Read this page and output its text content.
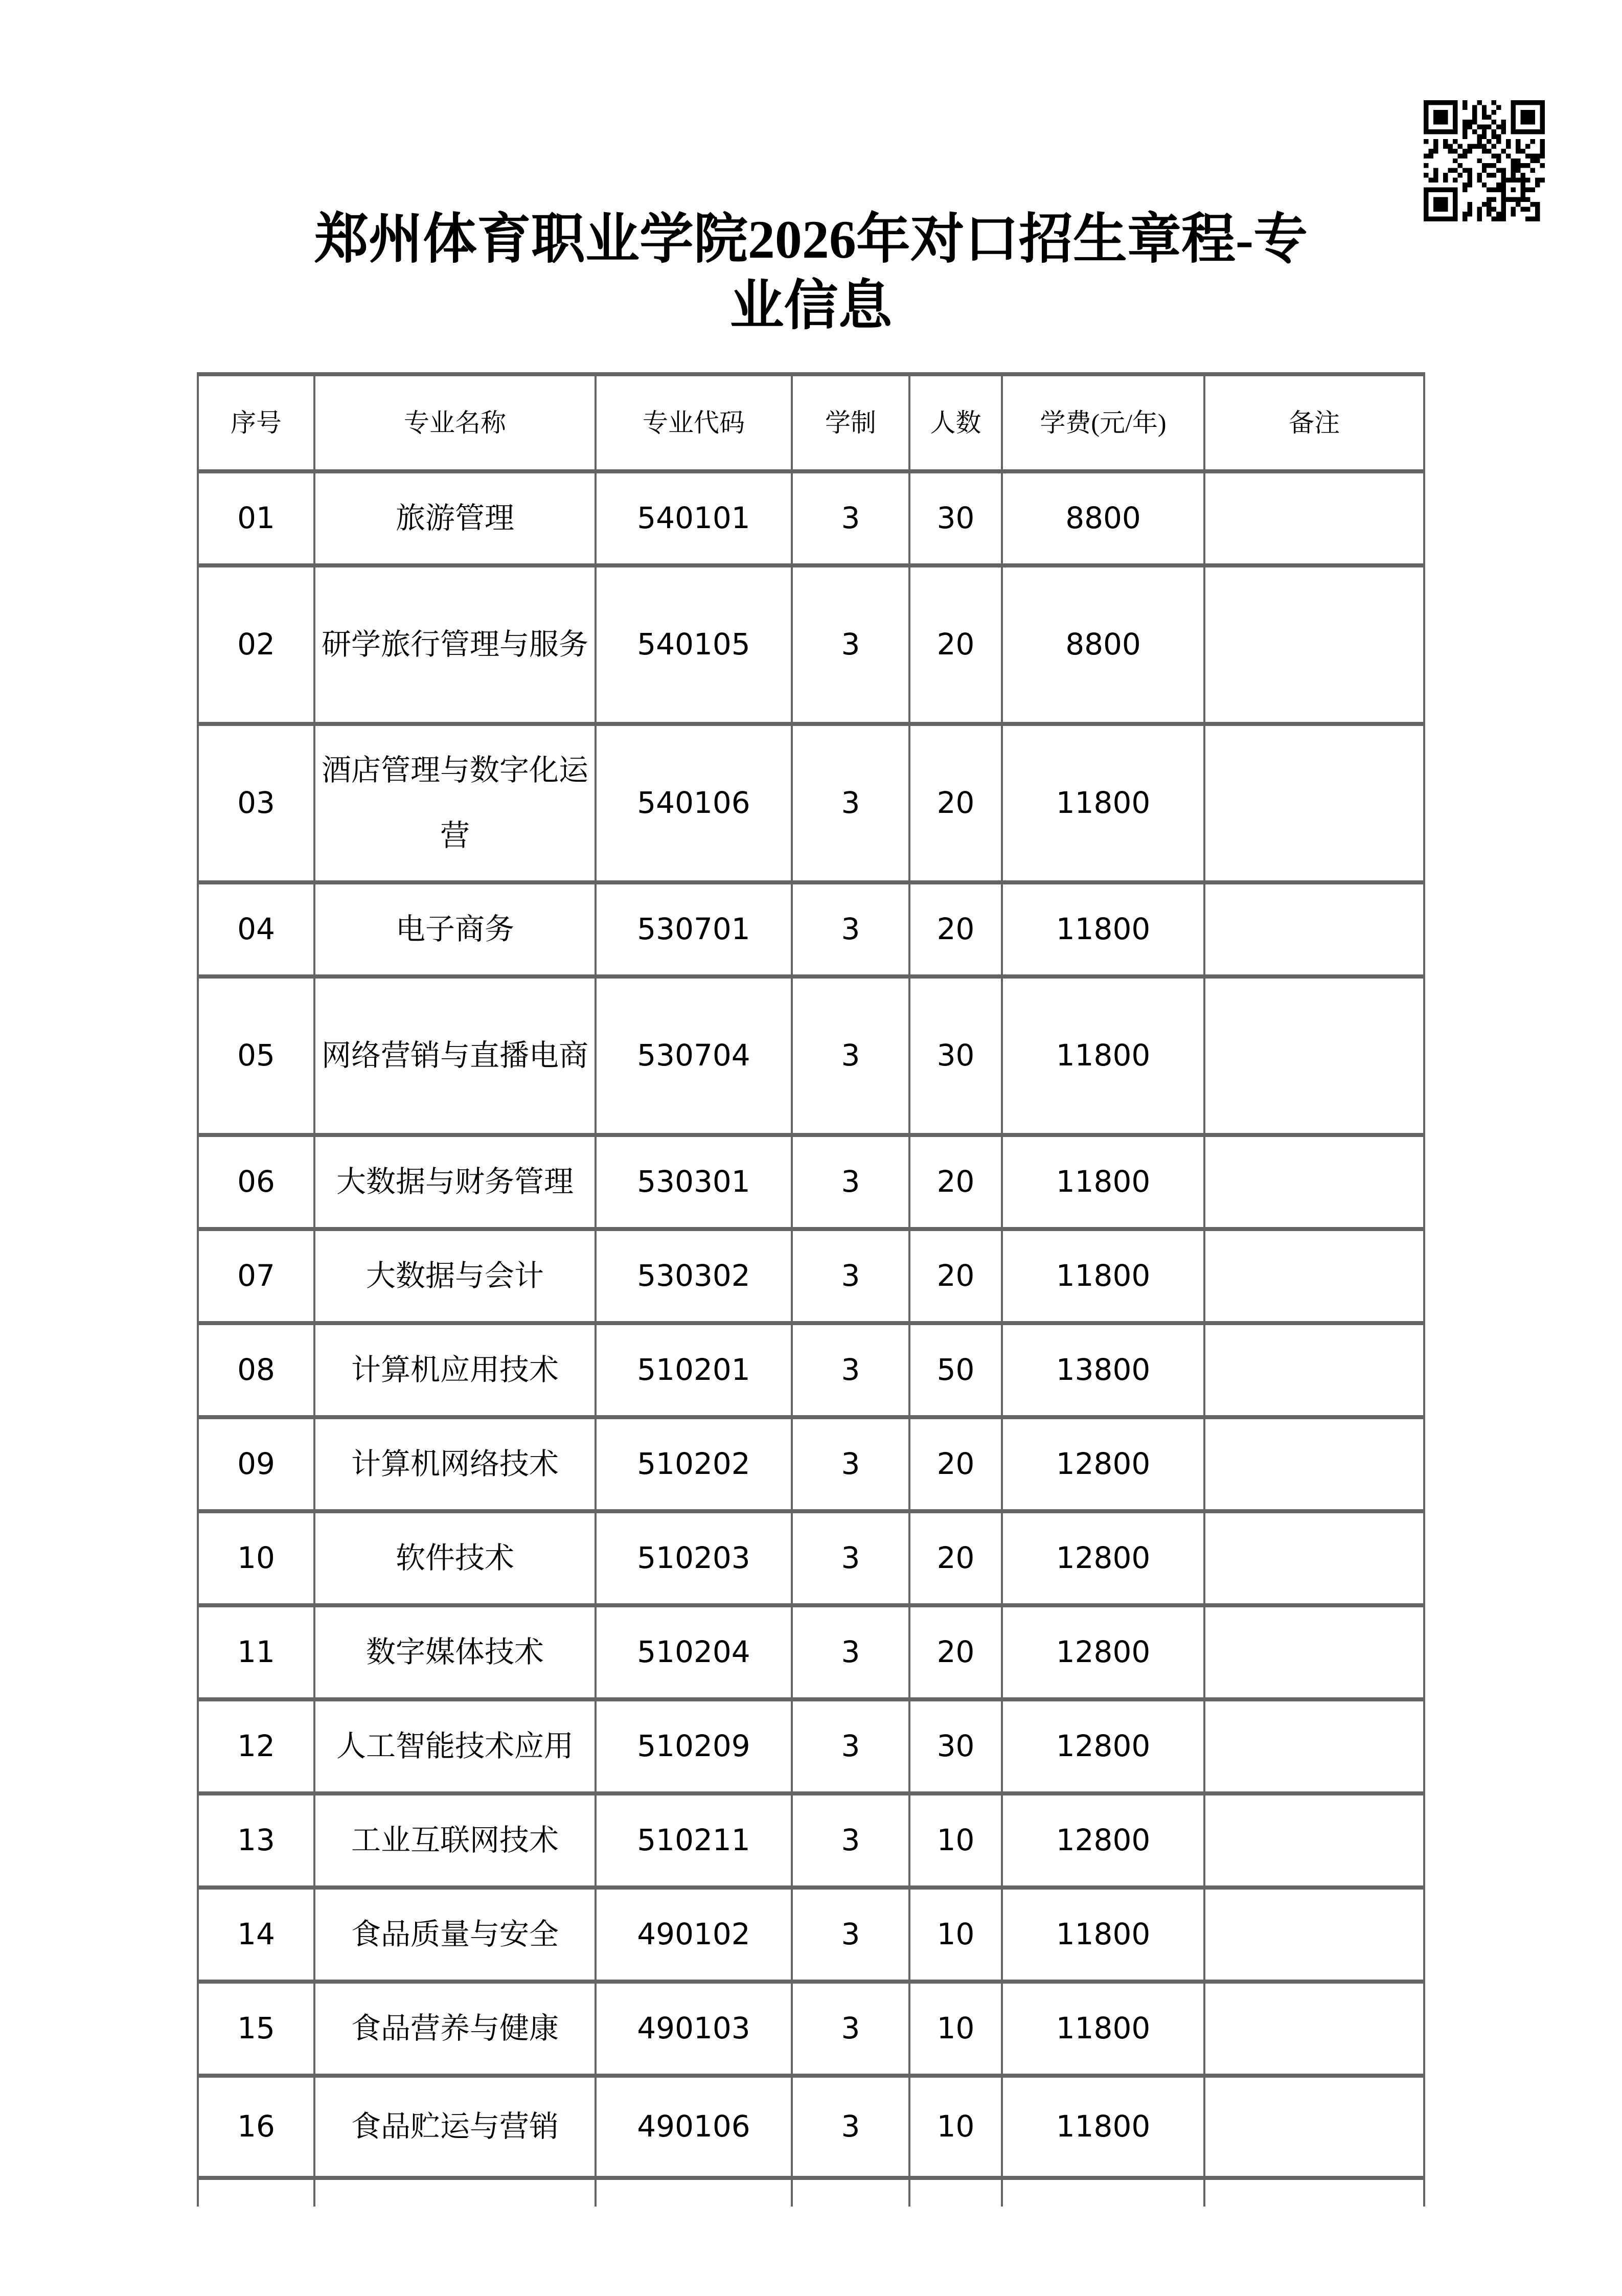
郑州体育职业学院2026年对口招生章程-专
业信息
序号	专业名称	专业代码	学制	人数	学费(元/年)	备注
01	旅游管理	540101	3	30	8800	
02	研学旅行管理与服务	540105	3	20	8800	
03	酒店管理与数字化运营	540106	3	20	11800	
04	电子商务	530701	3	20	11800	
05	网络营销与直播电商	530704	3	30	11800	
06	大数据与财务管理	530301	3	20	11800	
07	大数据与会计	530302	3	20	11800	
08	计算机应用技术	510201	3	50	13800	
09	计算机网络技术	510202	3	20	12800	
10	软件技术	510203	3	20	12800	
11	数字媒体技术	510204	3	20	12800	
12	人工智能技术应用	510209	3	30	12800	
13	工业互联网技术	510211	3	10	12800	
14	食品质量与安全	490102	3	10	11800	
15	食品营养与健康	490103	3	10	11800	
16	食品贮运与营销	490106	3	10	11800	
